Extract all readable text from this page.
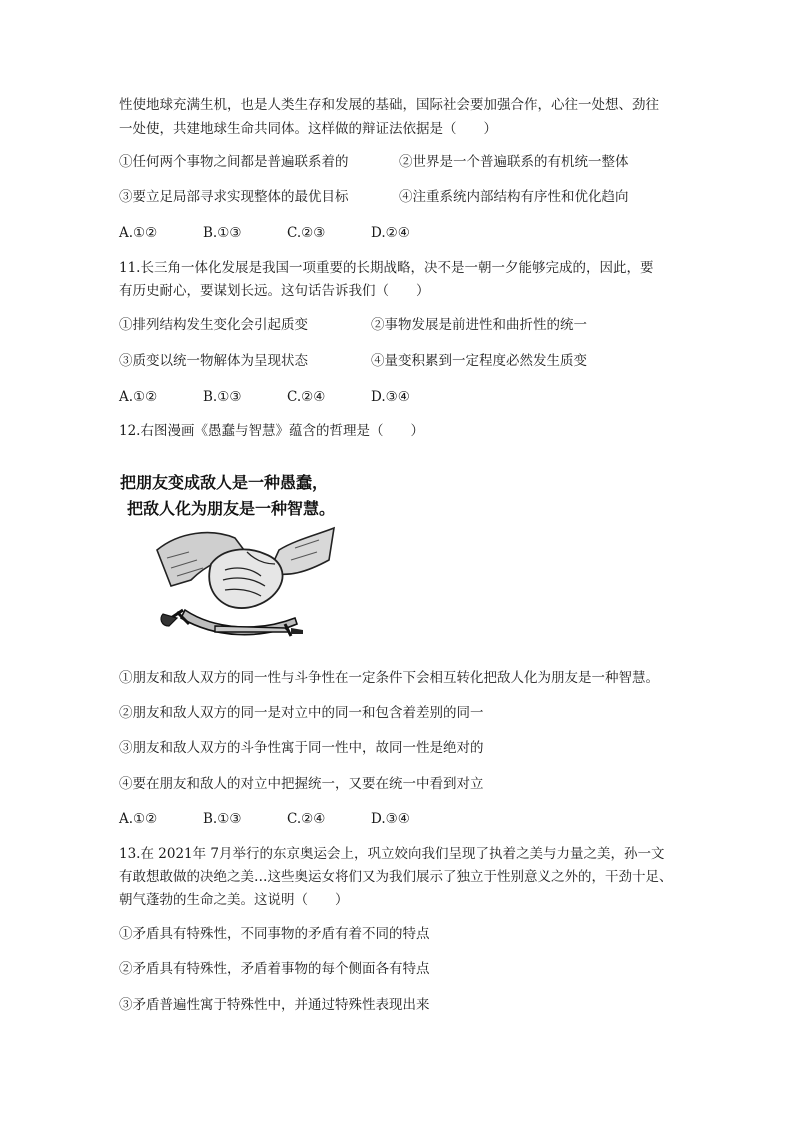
性使地球充满生机，也是人类生存和发展的基础，国际社会要加强合作，心往一处想、劲往
一处使，共建地球生命共同体。这样做的辩证法依据是（　　）
①任何两个事物之间都是普遍联系着的	②世界是一个普遍联系的有机统一整体
③要立足局部寻求实现整体的最优目标	④注重系统内部结构有序性和优化趋向
A.①②	B.①③	C.②③	D.②④
11.长三角一体化发展是我国一项重要的长期战略，决不是一朝一夕能够完成的，因此，要
有历史耐心，要谋划长远。这句话告诉我们（　　）
①排列结构发生变化会引起质变	②事物发展是前进性和曲折性的统一
③质变以统一物解体为呈现状态	④量变积累到一定程度必然发生质变
A.①②	B.①③	C.②④	D.③④
12.右图漫画《愚蠢与智慧》蕴含的哲理是（　　）
把朋友变成敌人是一种愚蠢，
把敌人化为朋友是一种智慧。
①朋友和敌人双方的同一性与斗争性在一定条件下会相互转化把敌人化为朋友是一种智慧。
②朋友和敌人双方的同一是对立中的同一和包含着差别的同一
③朋友和敌人双方的斗争性寓于同一性中，故同一性是绝对的
④要在朋友和敌人的对立中把握统一，又要在统一中看到对立
A.①②	B.①③	C.②④	D.③④
13.在 2021年 7月举行的东京奥运会上，巩立姣向我们呈现了执着之美与力量之美，孙一文
有敢想敢做的决绝之美…这些奥运女将们又为我们展示了独立于性别意义之外的，干劲十足、
朝气蓬勃的生命之美。这说明（　　）
①矛盾具有特殊性，不同事物的矛盾有着不同的特点
②矛盾具有特殊性，矛盾着事物的每个侧面各有特点
③矛盾普遍性寓于特殊性中，并通过特殊性表现出来
